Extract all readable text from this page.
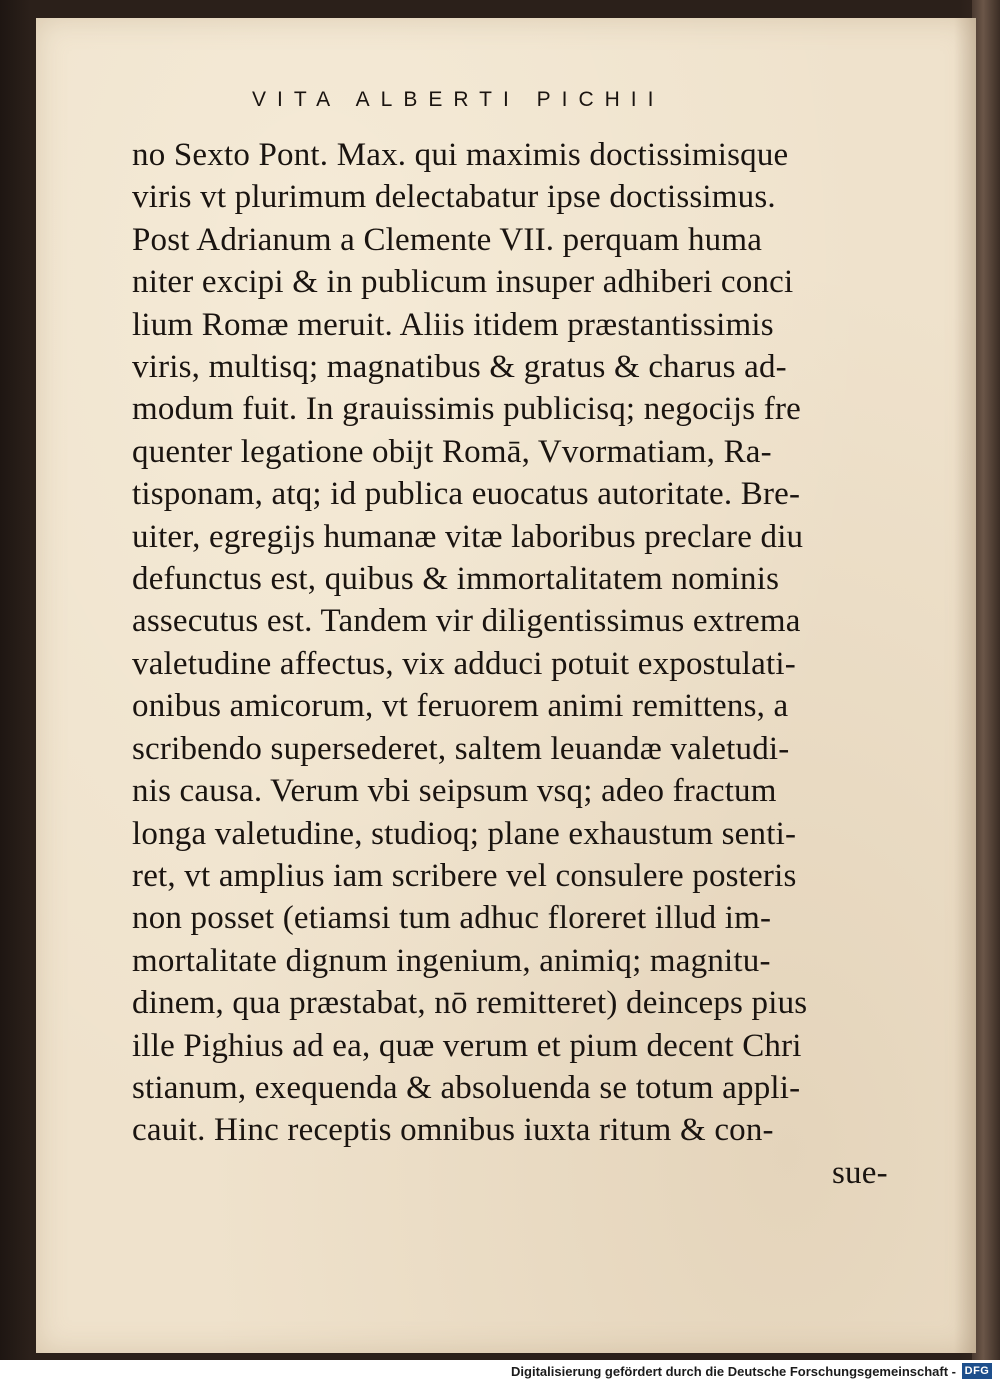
VITA ALBERTI PICHII
no Sexto Pont. Max. qui maximis doctissimisque
viris vt plurimum delectabatur ipse doctissimus.
Post Adrianum a Clemente VII. perquam huma
niter excipi & in publicum insuper adhiberi conci
lium Romæ meruit. Aliis itidem præstantissimis
viris, multisq; magnatibus & gratus & charus ad-
modum fuit. In grauissimis publicisq; negocijs fre
quenter legatione obijt Romā, Vvormatiam, Ra-
tisponam, atq; id publica euocatus autoritate. Bre-
uiter, egregijs humanæ vitæ laboribus preclare diu
defunctus est, quibus & immortalitatem nominis
assecutus est. Tandem vir diligentissimus extrema
valetudine affectus, vix adduci potuit expostulati-
onibus amicorum, vt feruorem animi remittens, a
scribendo supersederet, saltem leuandæ valetudi-
nis causa. Verum vbi seipsum vsq; adeo fractum
longa valetudine, studioq; plane exhaustum senti-
ret, vt amplius iam scribere vel consulere posteris
non posset (etiamsi tum adhuc floreret illud im-
mortalitate dignum ingenium, animiq; magnitu-
dinem, qua præstabat, nō remitteret) deinceps pius
ille Pighius ad ea, quæ verum et pium decent Chri
stianum, exequenda & absoluenda se totum appli-
cauit. Hinc receptis omnibus iuxta ritum & con-
sue-
Digitalisierung gefördert durch die Deutsche Forschungsgemeinschaft - DFG
